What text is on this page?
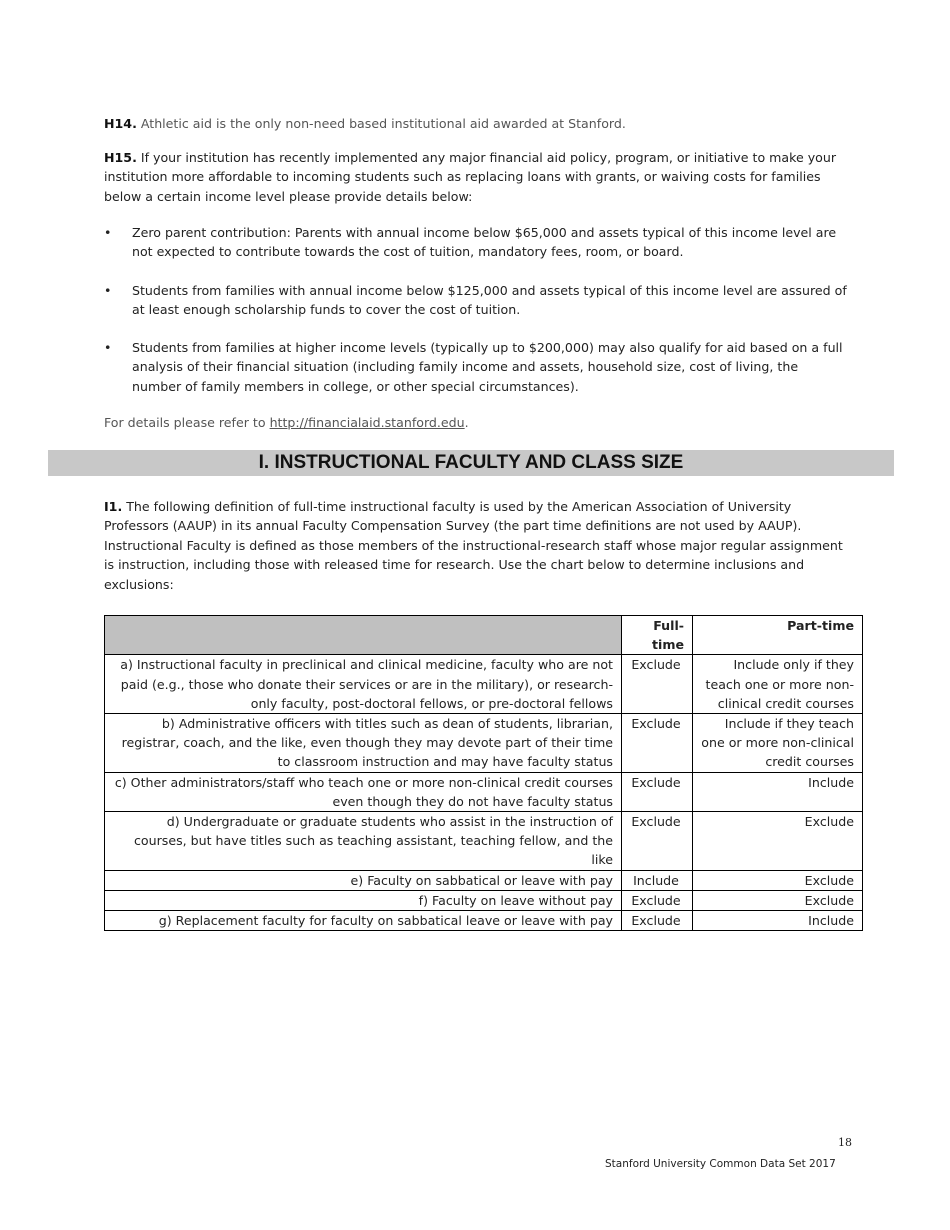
H14. Athletic aid is the only non-need based institutional aid awarded at Stanford.
H15. If your institution has recently implemented any major financial aid policy, program, or initiative to make your institution more affordable to incoming students such as replacing loans with grants, or waiving costs for families below a certain income level please provide details below:
• Zero parent contribution: Parents with annual income below $65,000 and assets typical of this income level are not expected to contribute towards the cost of tuition, mandatory fees, room, or board.
• Students from families with annual income below $125,000 and assets typical of this income level are assured of at least enough scholarship funds to cover the cost of tuition.
• Students from families at higher income levels (typically up to $200,000) may also qualify for aid based on a full analysis of their financial situation (including family income and assets, household size, cost of living, the number of family members in college, or other special circumstances).
For details please refer to http://financialaid.stanford.edu.
I. INSTRUCTIONAL FACULTY AND CLASS SIZE
I1. The following definition of full-time instructional faculty is used by the American Association of University Professors (AAUP) in its annual Faculty Compensation Survey (the part time definitions are not used by AAUP). Instructional Faculty is defined as those members of the instructional-research staff whose major regular assignment is instruction, including those with released time for research. Use the chart below to determine inclusions and exclusions:
	Full-time	Part-time
a) Instructional faculty in preclinical and clinical medicine, faculty who are not paid (e.g., those who donate their services or are in the military), or research-only faculty, post-doctoral fellows, or pre-doctoral fellows	Exclude	Include only if they teach one or more non-clinical credit courses
b) Administrative officers with titles such as dean of students, librarian, registrar, coach, and the like, even though they may devote part of their time to classroom instruction and may have faculty status	Exclude	Include if they teach one or more non-clinical credit courses
c) Other administrators/staff who teach one or more non-clinical credit courses even though they do not have faculty status	Exclude	Include
d) Undergraduate or graduate students who assist in the instruction of courses, but have titles such as teaching assistant, teaching fellow, and the like	Exclude	Exclude
e) Faculty on sabbatical or leave with pay	Include	Exclude
f) Faculty on leave without pay	Exclude	Exclude
g) Replacement faculty for faculty on sabbatical leave or leave with pay	Exclude	Include
18
Stanford University Common Data Set 2017
